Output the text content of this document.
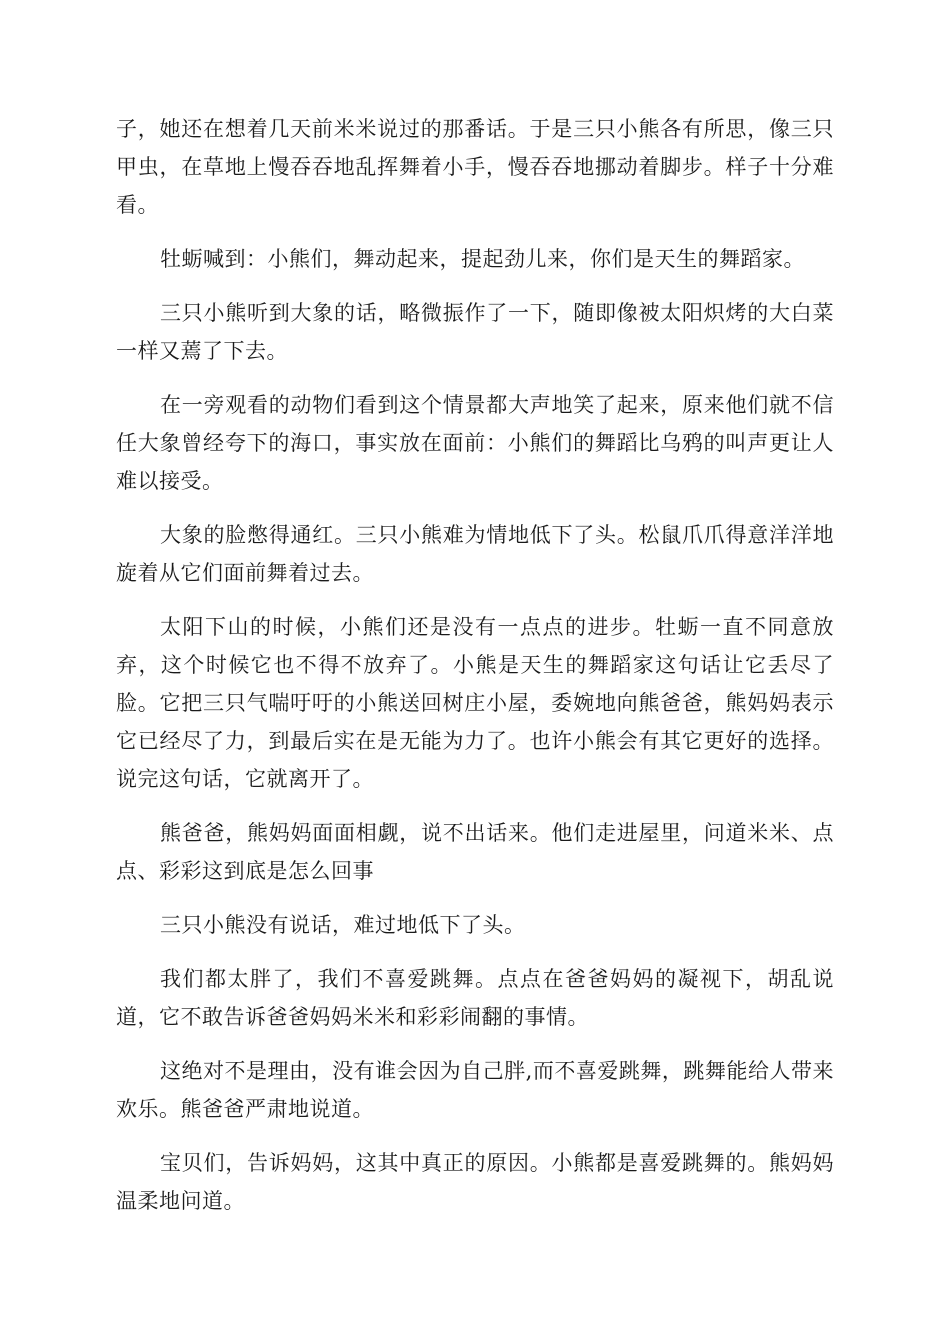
子，她还在想着几天前米米说过的那番话。于是三只小熊各有所思，像三只甲虫，在草地上慢吞吞地乱挥舞着小手，慢吞吞地挪动着脚步。样子十分难看。

牡蛎喊到：小熊们，舞动起来，提起劲儿来，你们是天生的舞蹈家。

三只小熊听到大象的话，略微振作了一下，随即像被太阳炽烤的大白菜一样又蔫了下去。

在一旁观看的动物们看到这个情景都大声地笑了起来，原来他们就不信任大象曾经夸下的海口，事实放在面前：小熊们的舞蹈比乌鸦的叫声更让人难以接受。

大象的脸憋得通红。三只小熊难为情地低下了头。松鼠爪爪得意洋洋地旋着从它们面前舞着过去。

太阳下山的时候，小熊们还是没有一点点的进步。牡蛎一直不同意放弃，这个时候它也不得不放弃了。小熊是天生的舞蹈家这句话让它丢尽了脸。它把三只气喘吁吁的小熊送回树庄小屋，委婉地向熊爸爸，熊妈妈表示它已经尽了力，到最后实在是无能为力了。也许小熊会有其它更好的选择。说完这句话，它就离开了。

熊爸爸，熊妈妈面面相觑，说不出话来。他们走进屋里，问道米米、点点、彩彩这到底是怎么回事

三只小熊没有说话，难过地低下了头。

我们都太胖了，我们不喜爱跳舞。点点在爸爸妈妈的凝视下，胡乱说道，它不敢告诉爸爸妈妈米米和彩彩闹翻的事情。

这绝对不是理由，没有谁会因为自己胖,而不喜爱跳舞，跳舞能给人带来欢乐。熊爸爸严肃地说道。

宝贝们，告诉妈妈，这其中真正的原因。小熊都是喜爱跳舞的。熊妈妈温柔地问道。
